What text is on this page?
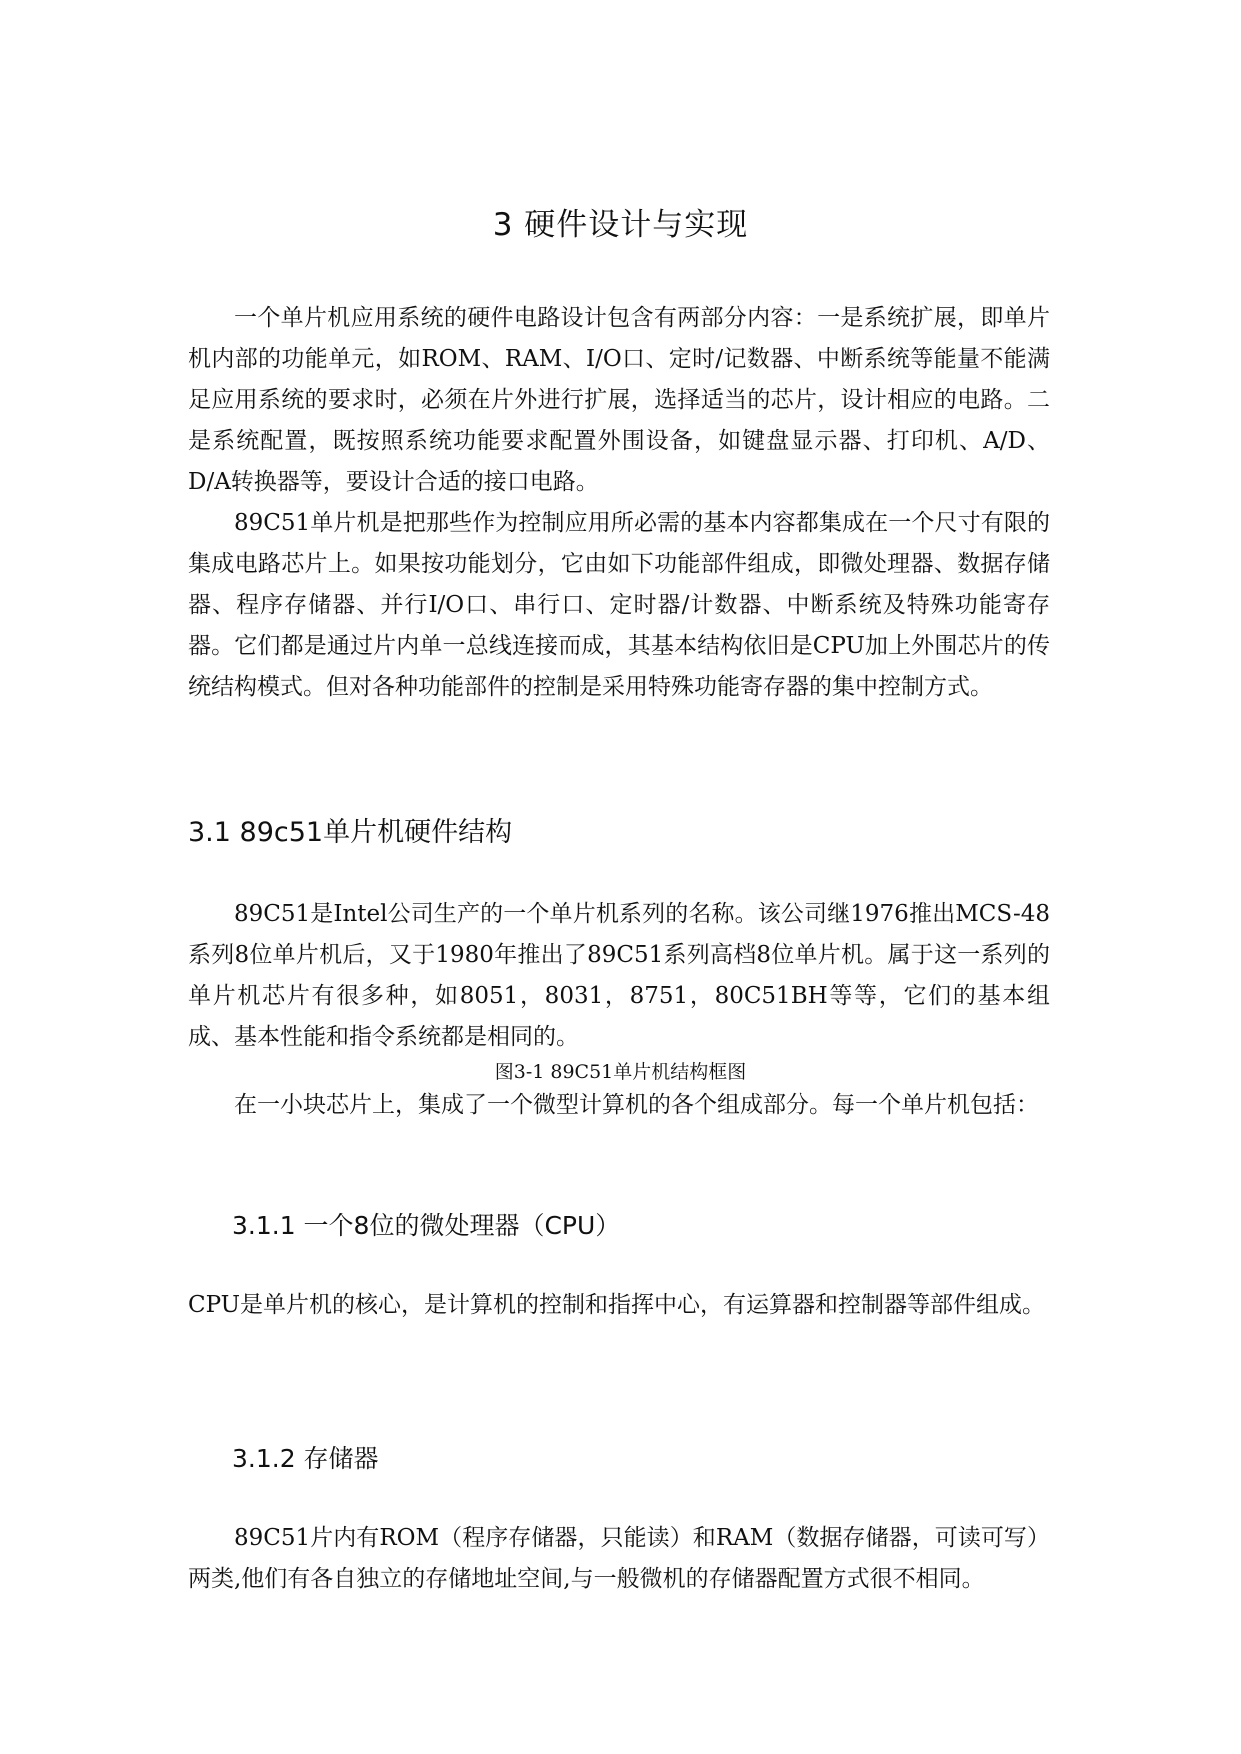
3 硬件设计与实现

一个单片机应用系统的硬件电路设计包含有两部分内容：一是系统扩展，即单片机内部的功能单元，如ROM、RAM、I/O口、定时/记数器、中断系统等能量不能满足应用系统的要求时，必须在片外进行扩展，选择适当的芯片，设计相应的电路。二是系统配置，既按照系统功能要求配置外围设备，如键盘显示器、打印机、A/D、D/A转换器等，要设计合适的接口电路。

89C51单片机是把那些作为控制应用所必需的基本内容都集成在一个尺寸有限的集成电路芯片上。如果按功能划分，它由如下功能部件组成，即微处理器、数据存储器、程序存储器、并行I/O口、串行口、定时器/计数器、中断系统及特殊功能寄存器。它们都是通过片内单一总线连接而成，其基本结构依旧是CPU加上外围芯片的传统结构模式。但对各种功能部件的控制是采用特殊功能寄存器的集中控制方式。

3.1 89c51单片机硬件结构

89C51是Intel公司生产的一个单片机系列的名称。该公司继1976推出MCS-48系列8位单片机后，又于1980年推出了89C51系列高档8位单片机。属于这一系列的单片机芯片有很多种，如8051，8031，8751，80C51BH等等，它们的基本组成、基本性能和指令系统都是相同的。

图3-1 89C51单片机结构框图

在一小块芯片上，集成了一个微型计算机的各个组成部分。每一个单片机包括：

3.1.1 一个8位的微处理器（CPU）

CPU是单片机的核心，是计算机的控制和指挥中心，有运算器和控制器等部件组成。

3.1.2 存储器

89C51片内有ROM（程序存储器，只能读）和RAM（数据存储器，可读可写）两类,他们有各自独立的存储地址空间,与一般微机的存储器配置方式很不相同。
